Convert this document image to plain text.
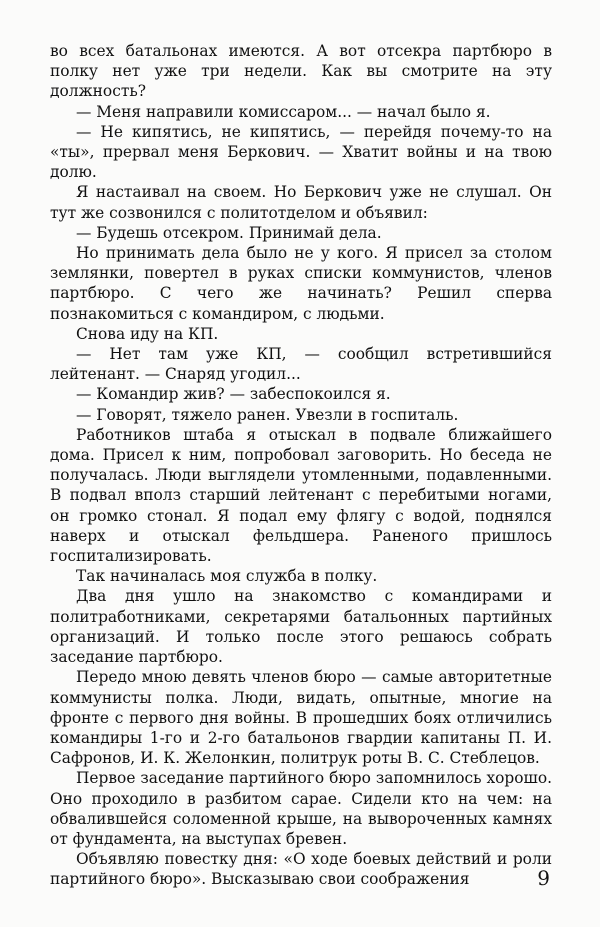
во всех батальонах имеются. А вот отсекра партбюро в полку нет уже три недели. Как вы смотрите на эту должность?

— Меня направили комиссаром... — начал было я.

— Не кипятись, не кипятись, — перейдя почему-то на «ты», прервал меня Беркович. — Хватит войны и на твою долю.

Я настаивал на своем. Но Беркович уже не слушал. Он тут же созвонился с политотделом и объявил:

— Будешь отсекром. Принимай дела.

Но принимать дела было не у кого. Я присел за столом землянки, повертел в руках списки коммунистов, членов партбюро. С чего же начинать? Решил сперва познакомиться с командиром, с людьми.

Снова иду на КП.

— Нет там уже КП, — сообщил встретившийся лейтенант. — Снаряд угодил...

— Командир жив? — забеспокоился я.

— Говорят, тяжело ранен. Увезли в госпиталь.

Работников штаба я отыскал в подвале ближайшего дома. Присел к ним, попробовал заговорить. Но беседа не получалась. Люди выглядели утомленными, подавленными. В подвал вполз старший лейтенант с перебитыми ногами, он громко стонал. Я подал ему флягу с водой, поднялся наверх и отыскал фельдшера. Раненого пришлось госпитализировать.

Так начиналась моя служба в полку.

Два дня ушло на знакомство с командирами и политработниками, секретарями батальонных партийных организаций. И только после этого решаюсь собрать заседание партбюро.

Передо мною девять членов бюро — самые авторитетные коммунисты полка. Люди, видать, опытные, многие на фронте с первого дня войны. В прошедших боях отличились командиры 1-го и 2-го батальонов гвардии капитаны П. И. Сафронов, И. К. Желонкин, политрук роты В. С. Стеблецов.

Первое заседание партийного бюро запомнилось хорошо. Оно проходило в разбитом сарае. Сидели кто на чем: на обвалившейся соломенной крыше, на вывороченных камнях от фундамента, на выступах бревен.

Объявляю повестку дня: «О ходе боевых действий и роли партийного бюро». Высказываю свои соображения	9
